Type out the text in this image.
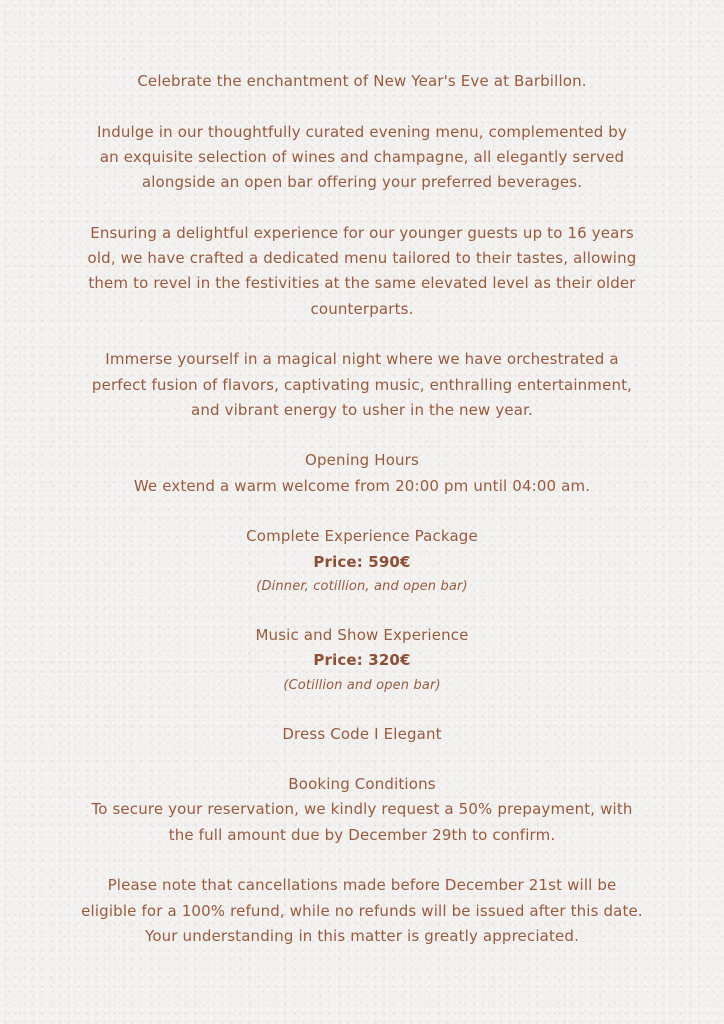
Celebrate the enchantment of New Year's Eve at Barbillon.

Indulge in our thoughtfully curated evening menu, complemented by

an exquisite selection of wines and champagne, all elegantly served

alongside an open bar offering your preferred beverages.

Ensuring a delightful experience for our younger guests up to 16 years

old, we have crafted a dedicated menu tailored to their tastes, allowing

them to revel in the festivities at the same elevated level as their older

counterparts.

Immerse yourself in a magical night where we have orchestrated a

perfect fusion of flavors, captivating music, enthralling entertainment,

and vibrant energy to usher in the new year.

Opening Hours

We extend a warm welcome from 20:00 pm until 04:00 am.

Complete Experience Package

Price: 590€

(Dinner, cotillion, and open bar)

Music and Show Experience

Price: 320€

(Cotillion and open bar)

Dress Code I Elegant

Booking Conditions

To secure your reservation, we kindly request a 50% prepayment, with

the full amount due by December 29th to confirm.

Please note that cancellations made before December 21st will be

eligible for a 100% refund, while no refunds will be issued after this date.

Your understanding in this matter is greatly appreciated.
